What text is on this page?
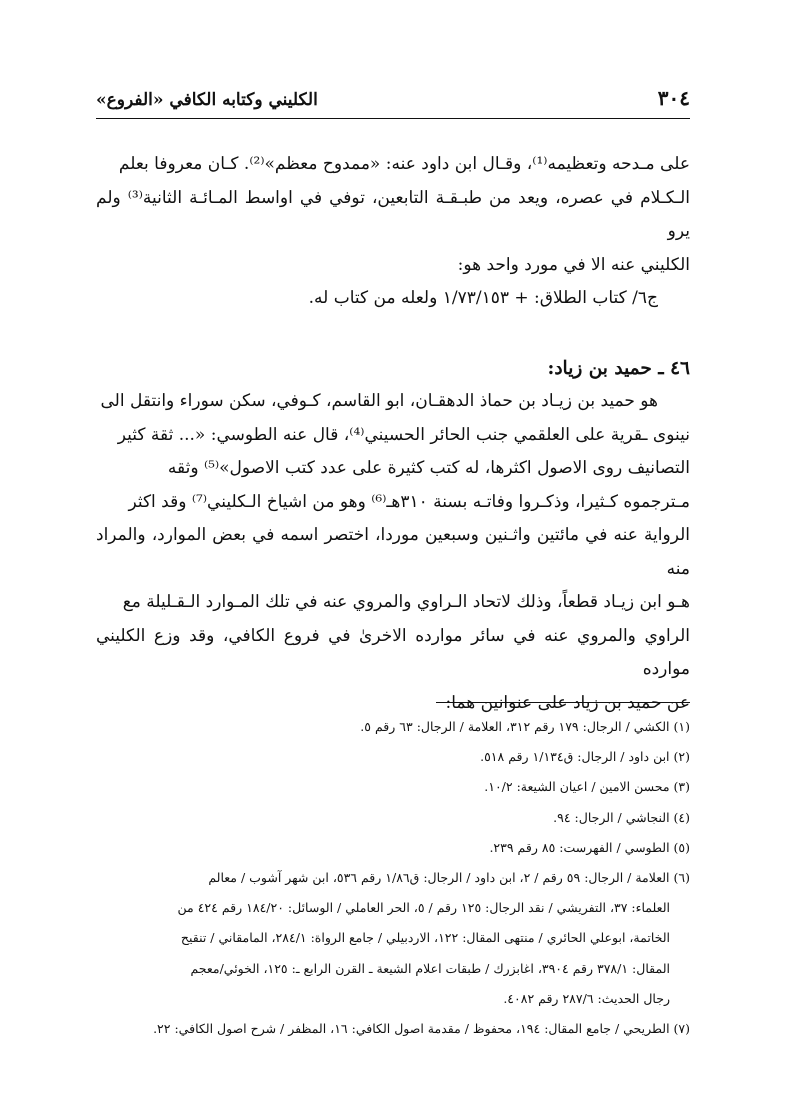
٣٠٤
الكليني وكتابه الكافي «الفروع»

على مـدحه وتعظيمه⁽¹⁾، وقـال ابن داود عنه: «ممدوح معظم»⁽²⁾. كـان معروفا بعلم

الـكـلام في عصره، ويعد من طبـقـة التابعين، توفي في اواسط المـائـة الثانية⁽³⁾ ولم يرو

الكليني عنه الا في مورد واحد هو:

ج٦/ كتاب الطلاق: + ١/٧٣/١٥٣ ولعله من كتاب له.

٤٦ ـ حميد بن زياد:

هو حميد بن زيـاد بن حماذ الدهقـان، ابو القاسم، كـوفي، سكن سوراء وانتقل الى

نينوى ـقرية على العلقمي جنب الحائر الحسيني⁽⁴⁾، قال عنه الطوسي: «... ثقة كثير

التصانيف روى الاصول اكثرها، له كتب كثيرة على عدد كتب الاصول»⁽⁵⁾ وثقه

مـترجموه كـثيرا، وذكـروا وفاتـه بسنة ٣١٠هـ⁽⁶⁾ وهو من اشياخ الـكليني⁽⁷⁾ وقد اكثر

الرواية عنه في مائتين واثـنين وسبعين موردا، اختصر اسمه في بعض الموارد، والمراد منه

هـو ابن زيـاد قطعاً، وذلك لاتحاد الـراوي والمروي عنه في تلك المـوارد الـقـليلة مع

الراوي والمروي عنه في سائر موارده الاخرىٰ في فروع الكافي، وقد وزع الكليني موارده

عن حميد بن زياد على عنوانين هما:

(١) الكشي / الرجال: ١٧٩ رقم ٣١٢، العلامة / الرجال: ٦٣ رقم ٥.

(٢) ابن داود / الرجال: ق١/١٣٤ رقم ٥١٨.

(٣) محسن الامين / اعيان الشيعة: ١٠/٢.

(٤) النجاشي / الرجال: ٩٤.

(٥) الطوسي / الفهرست: ٨٥ رقم ٢٣٩.

(٦) العلامة / الرجال: ٥٩ رقم / ٢، ابن داود / الرجال: ق١/٨٦ رقم ٥٣٦، ابن شهر آشوب / معالم

العلماء: ٣٧، التفريشي / نقد الرجال: ١٢٥ رقم / ٥، الحر العاملي / الوسائل: ١٨٤/٢٠ رقم ٤٢٤ من

الخاتمة، ابوعلي الحائري / منتهى المقال: ١٢٢، الاردبيلي / جامع الرواة: ٢٨٤/١، المامقاني / تنقيح

المقال: ٣٧٨/١ رقم ٣٩٠٤، اغابزرك / طبقات اعلام الشيعة ـ القرن الرابع ـ: ١٢٥، الخوئي/معجم

رجال الحديث: ٢٨٧/٦ رقم ٤٠٨٢.

(٧) الطريحي / جامع المقال: ١٩٤، محفوظ / مقدمة اصول الكافي: ١٦، المظفر / شرح اصول الكافي: ٢٢.
